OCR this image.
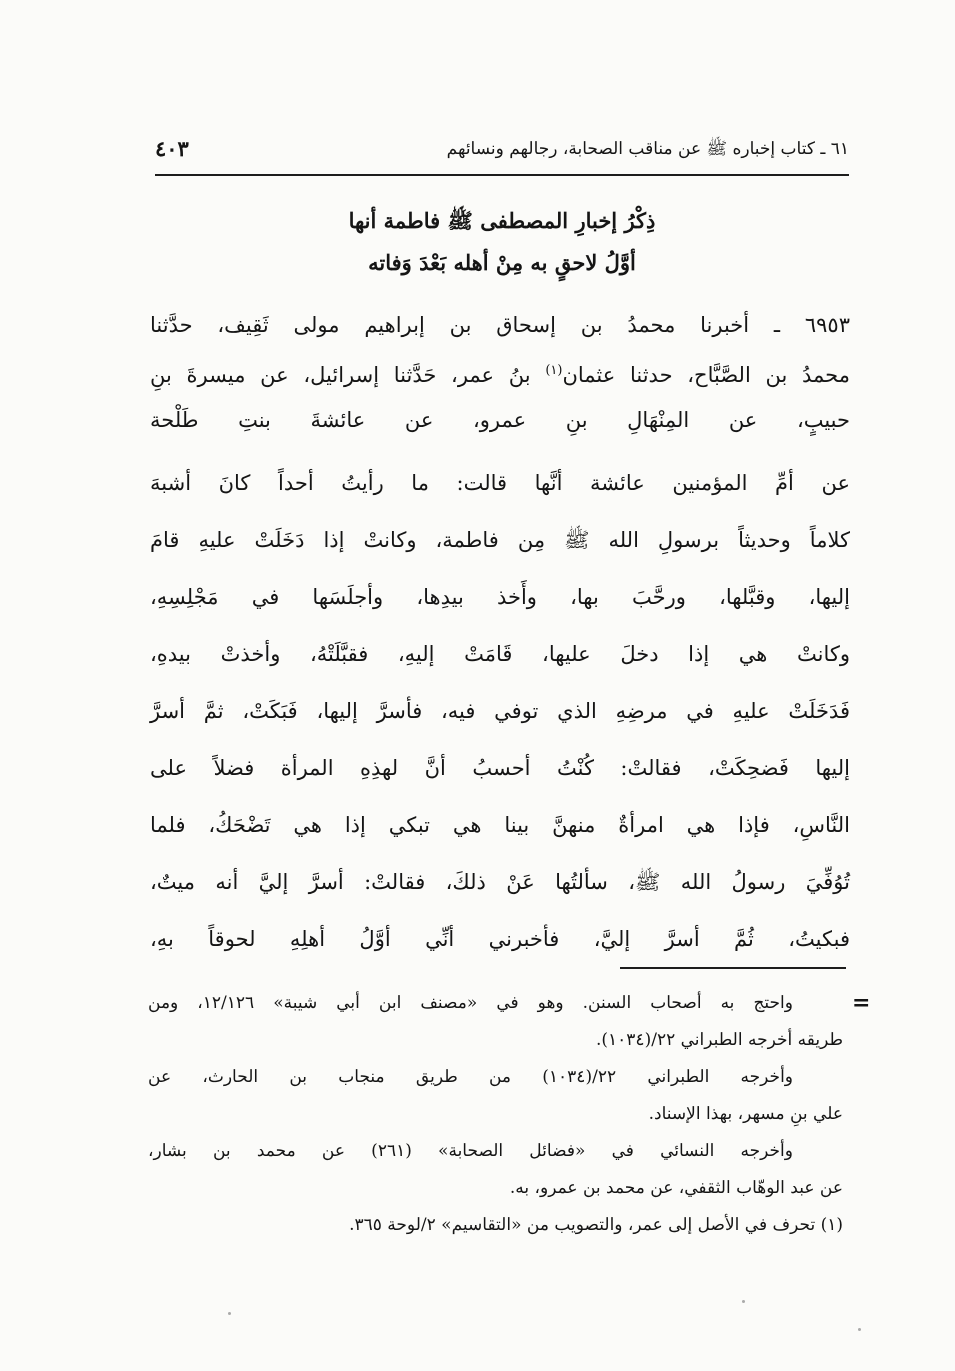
٦١ ـ كتاب إخباره ﷺ عن مناقب الصحابة، رجالهم ونسائهم
٤٠٣
ذِكْرُ إخبارِ المصطفى ﷺ فاطمة أنها
أوَّلُ لاحقٍ به مِنْ أهله بَعْدَ وَفاته
٦٩٥٣ ـ أخبرنا محمدُ بن إسحاق بن إبراهيم مولى ثَقِيف، حدَّثنا
محمدُ بن الصَّبَّاح، حدثنا عثمان$^{(١)}$ بنُ عمر، حَدَّثنا إسرائيل، عن ميسرةَ بنِ
حبيبٍ، عن المِنْهَالِ بنِ عمرو، عن عائشةَ بنتِ طَلْحة
عن أمِّ المؤمنين عائشة أنَّها قالت: ما رأيتُ أحداً كانَ أشبهَ
كلاماً وحديثاً برسولِ الله ﷺ مِن فاطمة، وكانتْ إذا دَخَلَتْ عليهِ قامَ
إليها، وقبَّلها، ورحَّبَ بها، وأَخذ بيدِها، وأجلَسَها في مَجْلِسِهِ،
وكانتْ هي إذا دخلَ عليها، قَامَتْ إليهِ، فقبَّلَتْهُ، وأخذتْ بيدهِ،
فَدَخَلَتْ عليهِ في مرضِهِ الذي توفي فيه، فأسرَّ إليها، فَبَكَتْ، ثمَّ أسرَّ
إليها فَضحِكَتْ، فقالتْ: كُنْتُ أحسبُ أنَّ لهذِهِ المرأة فضلاً على
النَّاسِ، فإذا هي امرأةٌ منهنَّ بينا هي تبكي إذا هي تَضْحَكُ، فلما
تُوُفِّيَ رسولُ الله ﷺ، سألتُها عَنْ ذلكَ، فقالتْ: أسرَّ إليَّ أنه ميتٌ،
فبكيتُ، ثُمَّ أسرَّ إليَّ، فأخبرني أنِّي أوَّلُ أهلِهِ لحوقاً بهِ،
=
واحتج به أصحاب السنن. وهو في «مصنف ابن أبي شيبة» ١٢/١٢٦، ومن
طريقه أخرجه الطبراني ٢٢/(١٠٣٤).
وأخرجه الطبراني ٢٢/(١٠٣٤) من طريق منجاب بن الحارث، عن
علي بنِ مسهر، بهذا الإسناد.
وأخرجه النسائي في «فضائل الصحابة» (٢٦١) عن محمد بن بشار،
عن عبد الوهّاب الثقفي، عن محمد بن عمرو، به.
(١) تحرف في الأصل إلى عمر، والتصويب من «التقاسيم» ٢/لوحة ٣٦٥.
